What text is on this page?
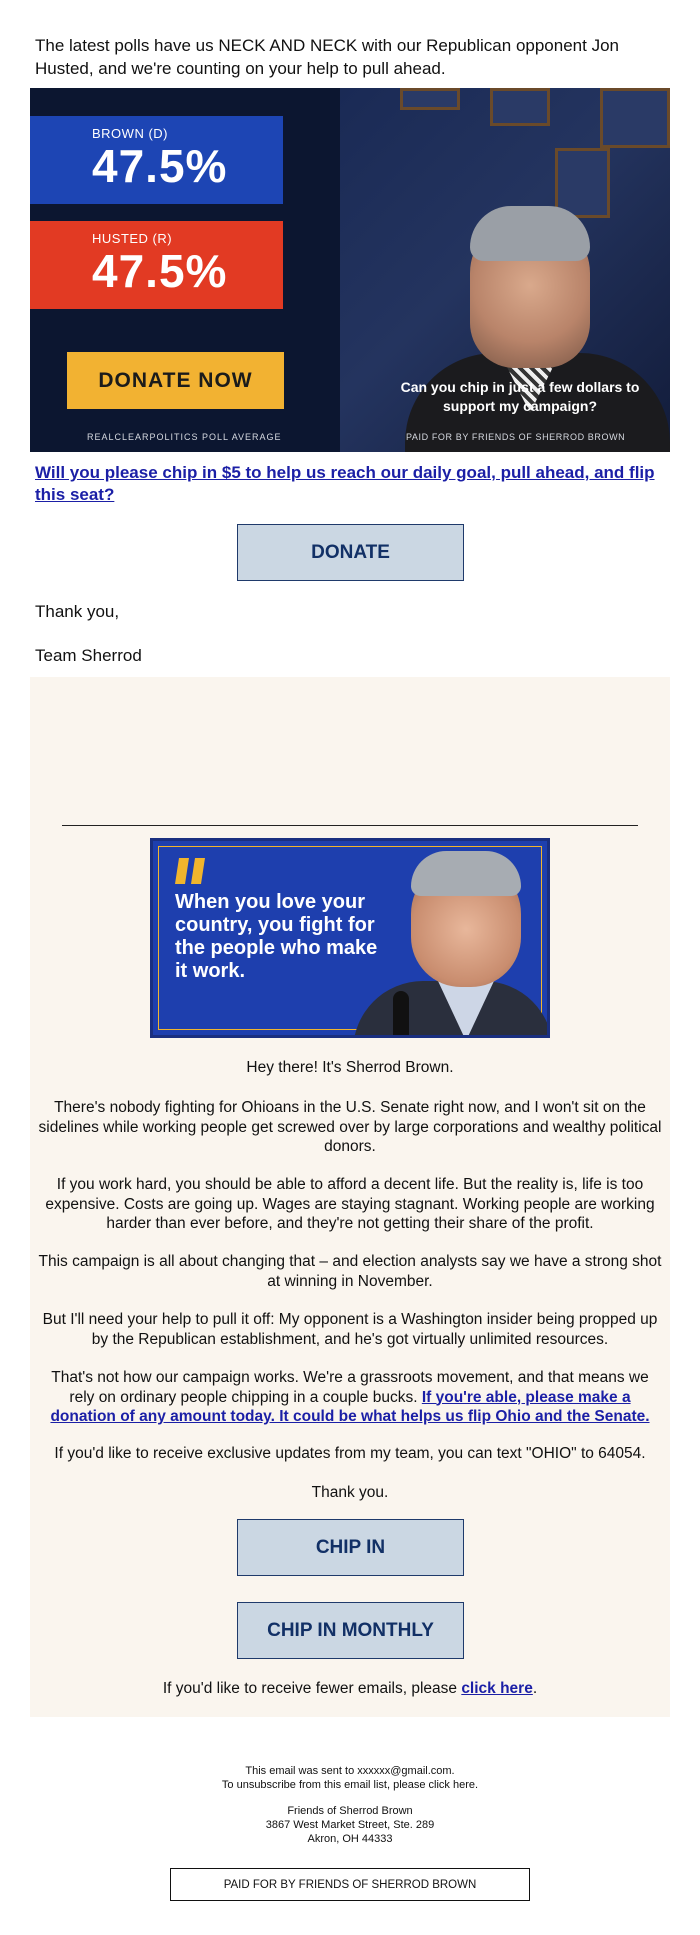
The latest polls have us NECK AND NECK with our Republican opponent Jon Husted, and we're counting on your help to pull ahead.

BROWN (D)
47.5%
HUSTED (R)
47.5%
DONATE NOW	Can you chip in just a few dollars to support my campaign?
REALCLEARPOLITICS POLL AVERAGE	PAID FOR BY FRIENDS OF SHERROD BROWN
Will you please chip in $5 to help us reach our daily goal, pull ahead, and flip this seat?
DONATE
Thank you,
Team Sherrod
When you love your country, you fight for the people who make it work.

Hey there! It's Sherrod Brown.

There's nobody fighting for Ohioans in the U.S. Senate right now, and I won't sit on the sidelines while working people get screwed over by large corporations and wealthy political donors.

If you work hard, you should be able to afford a decent life. But the reality is, life is too expensive. Costs are going up. Wages are staying stagnant. Working people are working harder than ever before, and they're not getting their share of the profit.

This campaign is all about changing that – and election analysts say we have a strong shot at winning in November.

But I'll need your help to pull it off: My opponent is a Washington insider being propped up by the Republican establishment, and he's got virtually unlimited resources.

That's not how our campaign works. We're a grassroots movement, and that means we rely on ordinary people chipping in a couple bucks. If you're able, please make a donation of any amount today. It could be what helps us flip Ohio and the Senate.

If you'd like to receive exclusive updates from my team, you can text "OHIO" to 64054.

Thank you.

CHIP IN
CHIP IN MONTHLY

If you'd like to receive fewer emails, please click here.

This email was sent to xxxxxx@gmail.com.
To unsubscribe from this email list, please click here.
Friends of Sherrod Brown
3867 West Market Street, Ste. 289
Akron, OH 44333
PAID FOR BY FRIENDS OF SHERROD BROWN
